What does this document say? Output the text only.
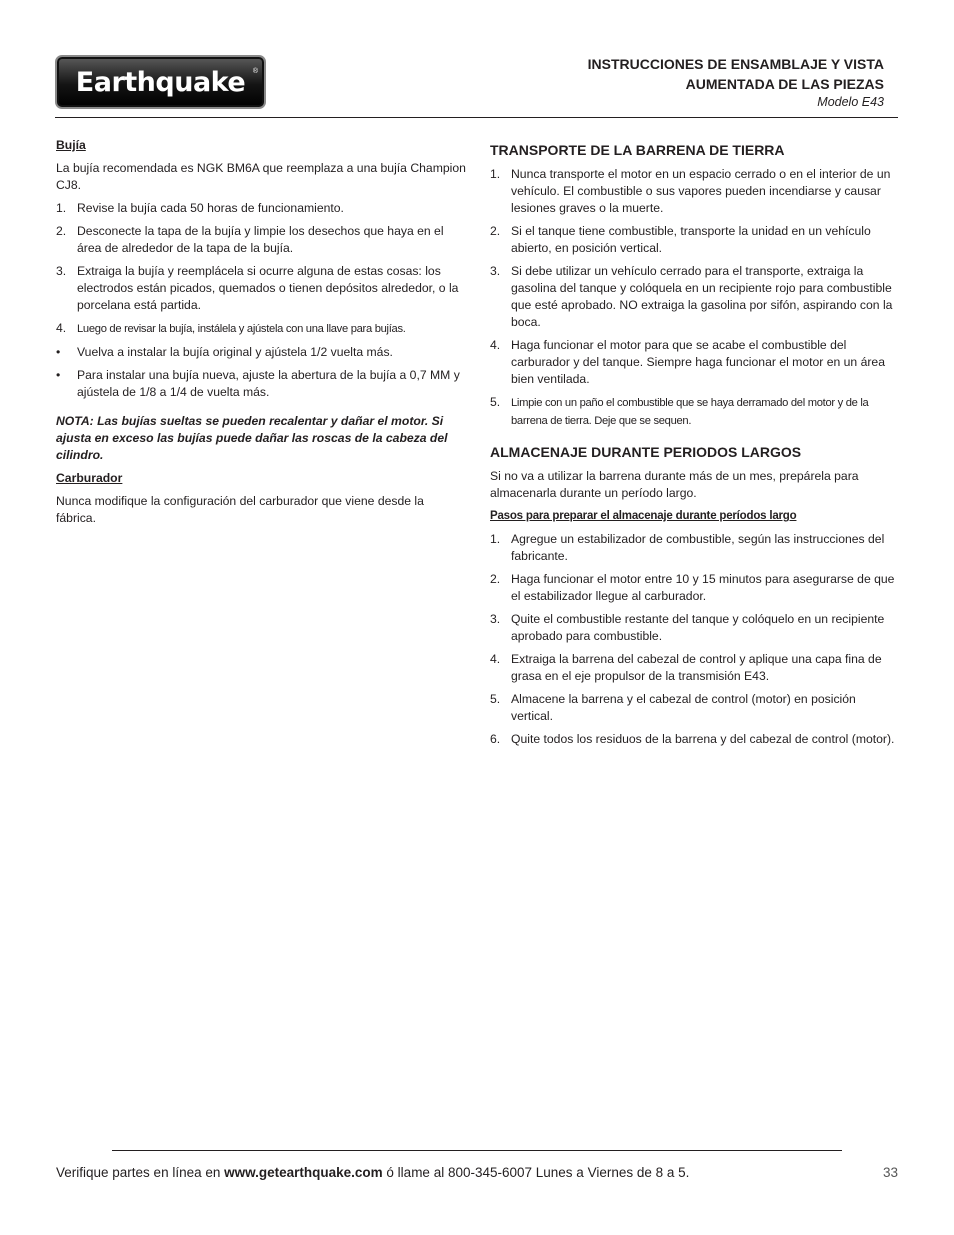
Earthquake ®	INSTRUCCIONES DE ENSAMBLAJE Y VISTA
AUMENTADA DE LAS PIEZAS
Modelo E43

Bujía

La bujía recomendada es NGK BM6A que reemplaza a una bujía Champion CJ8.

1. Revise la bujía cada 50 horas de funcionamiento.
2. Desconecte la tapa de la bujía y limpie los desechos que haya en el área de alrededor de la tapa de la bujía.
3. Extraiga la bujía y reemplácela si ocurre alguna de estas cosas: los electrodos están picados, quemados o tienen depósitos alrededor, o la porcelana está partida.
4. Luego de revisar la bujía, instálela y ajústela con una llave para bujías.
• Vuelva a instalar la bujía original y ajústela 1/2 vuelta más.
• Para instalar una bujía nueva, ajuste la abertura de la bujía a 0,7 MM y ajústela de 1/8 a 1/4 de vuelta más.

NOTA: Las bujías sueltas se pueden recalentar y dañar el motor. Si ajusta en exceso las bujías puede dañar las roscas de la cabeza del cilindro.

Carburador

Nunca modifique la configuración del carburador que viene desde la fábrica.

TRANSPORTE DE LA BARRENA DE TIERRA
1. Nunca transporte el motor en un espacio cerrado o en el interior de un vehículo. El combustible o sus vapores pueden incendiarse y causar lesiones graves o la muerte.
2. Si el tanque tiene combustible, transporte la unidad en un vehículo abierto, en posición vertical.
3. Si debe utilizar un vehículo cerrado para el transporte, extraiga la gasolina del tanque y colóquela en un recipiente rojo para combustible que esté aprobado. NO extraiga la gasolina por sifón, aspirando con la boca.
4. Haga funcionar el motor para que se acabe el combustible del carburador y del tanque. Siempre haga funcionar el motor en un área bien ventilada.
5. Limpie con un paño el combustible que se haya derramado del motor y de la barrena de tierra. Deje que se sequen.
ALMACENAJE DURANTE PERIODOS LARGOS

Si no va a utilizar la barrena durante más de un mes, prepárela para almacenarla durante un período largo.

Pasos para preparar el almacenaje durante períodos largo

1. Agregue un estabilizador de combustible, según las instrucciones del fabricante.
2. Haga funcionar el motor entre 10 y 15 minutos para asegurarse de que el estabilizador llegue al carburador.
3. Quite el combustible restante del tanque y colóquelo en un recipiente aprobado para combustible.
4. Extraiga la barrena del cabezal de control y aplique una capa fina de grasa en el eje propulsor de la transmisión E43.
5. Almacene la barrena y el cabezal de control (motor) en posición vertical.
6. Quite todos los residuos de la barrena y del cabezal de control (motor).
Verifique partes en línea en www.getearthquake.com ó llame al 800-345-6007 Lunes a Viernes de 8 a 5.	33
